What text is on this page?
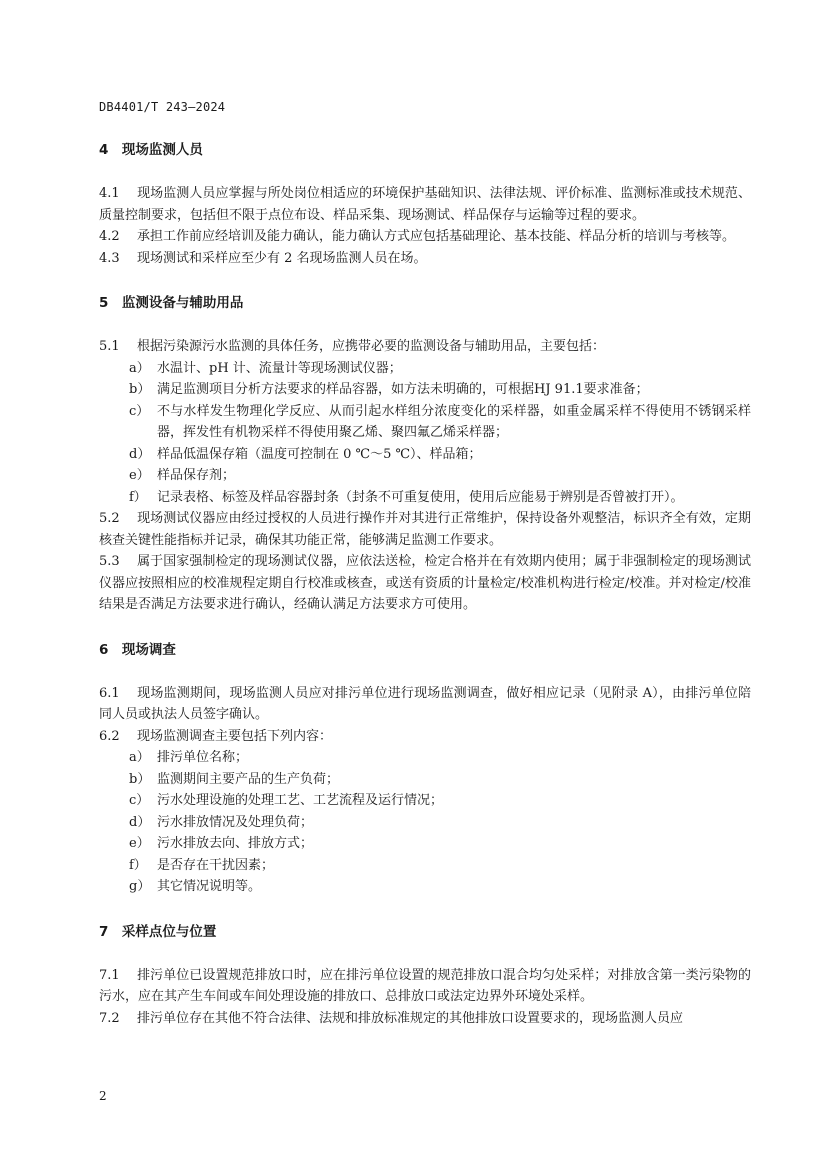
DB4401/T 243—2024
4　现场监测人员
4.1 现场监测人员应掌握与所处岗位相适应的环境保护基础知识、法律法规、评价标准、监测标准或技术规范、质量控制要求，包括但不限于点位布设、样品采集、现场测试、样品保存与运输等过程的要求。
4.2 承担工作前应经培训及能力确认，能力确认方式应包括基础理论、基本技能、样品分析的培训与考核等。
4.3 现场测试和采样应至少有 2 名现场监测人员在场。
5　监测设备与辅助用品
5.1 根据污染源污水监测的具体任务，应携带必要的监测设备与辅助用品，主要包括：
a） 水温计、pH 计、流量计等现场测试仪器；
b） 满足监测项目分析方法要求的样品容器，如方法未明确的，可根据HJ 91.1要求准备；
c） 不与水样发生物理化学反应、从而引起水样组分浓度变化的采样器，如重金属采样不得使用不锈钢采样器，挥发性有机物采样不得使用聚乙烯、聚四氟乙烯采样器；
d） 样品低温保存箱（温度可控制在 0 ℃～5 ℃）、样品箱；
e） 样品保存剂；
f） 记录表格、标签及样品容器封条（封条不可重复使用，使用后应能易于辨别是否曾被打开）。
5.2 现场测试仪器应由经过授权的人员进行操作并对其进行正常维护，保持设备外观整洁，标识齐全有效，定期核查关键性能指标并记录，确保其功能正常，能够满足监测工作要求。
5.3 属于国家强制检定的现场测试仪器，应依法送检，检定合格并在有效期内使用；属于非强制检定的现场测试仪器应按照相应的校准规程定期自行校准或核查，或送有资质的计量检定/校准机构进行检定/校准。并对检定/校准结果是否满足方法要求进行确认，经确认满足方法要求方可使用。
6　现场调查
6.1 现场监测期间，现场监测人员应对排污单位进行现场监测调查，做好相应记录（见附录 A），由排污单位陪同人员或执法人员签字确认。
6.2 现场监测调查主要包括下列内容：
a） 排污单位名称；
b） 监测期间主要产品的生产负荷；
c） 污水处理设施的处理工艺、工艺流程及运行情况；
d） 污水排放情况及处理负荷；
e） 污水排放去向、排放方式；
f） 是否存在干扰因素；
g） 其它情况说明等。
7　采样点位与位置
7.1 排污单位已设置规范排放口时，应在排污单位设置的规范排放口混合均匀处采样；对排放含第一类污染物的污水，应在其产生车间或车间处理设施的排放口、总排放口或法定边界外环境处采样。
7.2 排污单位存在其他不符合法律、法规和排放标准规定的其他排放口设置要求的，现场监测人员应
2
